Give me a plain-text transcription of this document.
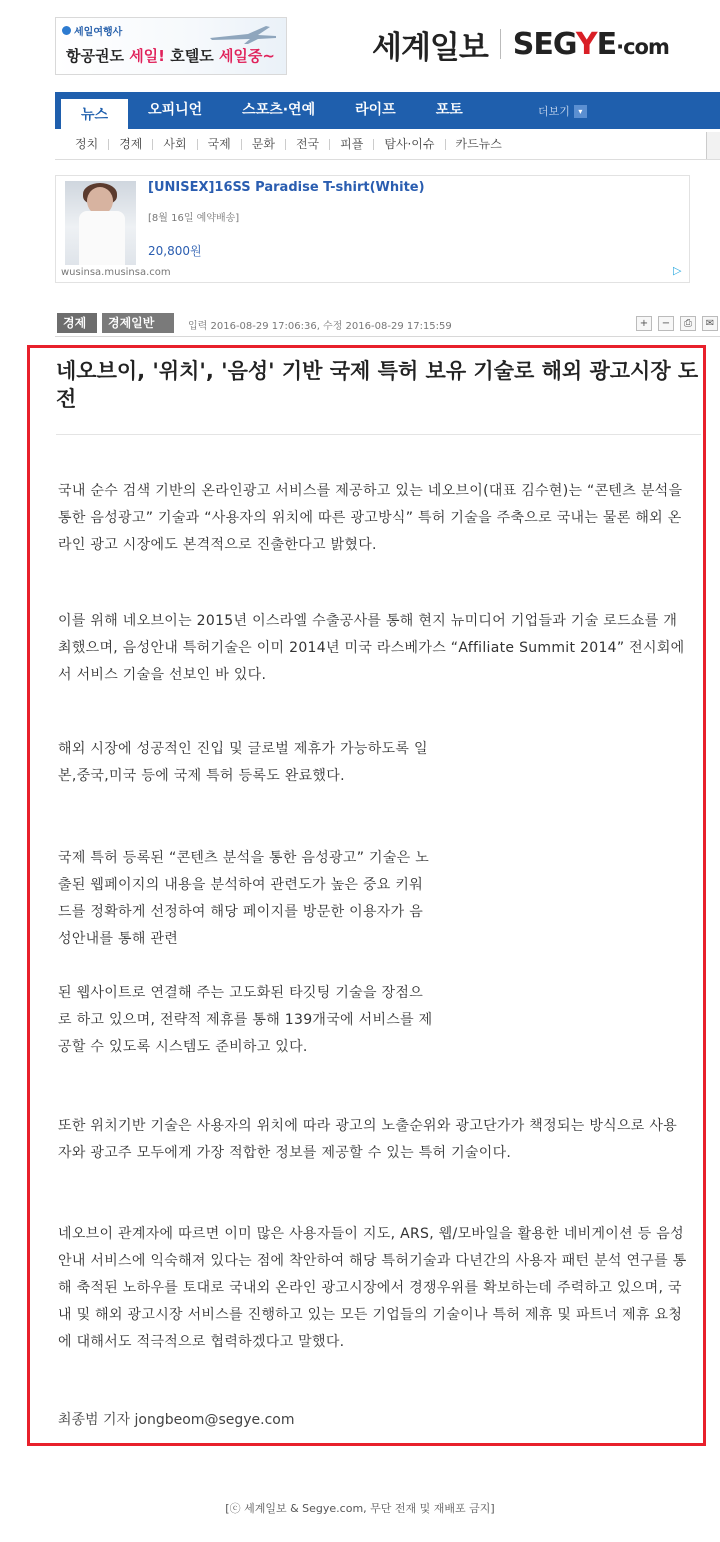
세일여행사
항공권도 세일! 호텔도 세일중~	세계일보 SEGYE·com
뉴스	오피니언	스포츠·연예	라이프	포토	더보기	▾
정치	경제	사회	국제	문화	전국	피플	탐사·이슈	카드뉴스
[UNISEX]16SS Paradise T-shirt(White)
[8월 16일 예약배송]
20,800원
wusinsa.musinsa.com	▷
경제	경제일반	입력 2016-08-29 17:06:36, 수정 2016-08-29 17:15:59	+	−	⎙	✉
네오브이, '위치', '음성' 기반 국제 특허 보유 기술로 해외 광고시장 도전

국내 순수 검색 기반의 온라인광고 서비스를 제공하고 있는 네오브이(대표 김수현)는 “콘텐츠 분석을 통한 음성광고” 기술과 “사용자의 위치에 따른 광고방식” 특허 기술을 주축으로 국내는 물론 해외 온라인 광고 시장에도 본격적으로 진출한다고 밝혔다.

이를 위해 네오브이는 2015년 이스라엘 수출공사를 통해 현지 뉴미디어 기업들과 기술 로드쇼를 개최했으며, 음성안내 특허기술은 이미 2014년 미국 라스베가스 “Affiliate Summit 2014” 전시회에서 서비스 기술을 선보인 바 있다.

해외 시장에 성공적인 진입 및 글로벌 제휴가 가능하도록 일본,중국,미국 등에 국제 특허 등록도 완료했다.

국제 특허 등록된 “콘텐츠 분석을 통한 음성광고” 기술은 노출된 웹페이지의 내용을 분석하여 관련도가 높은 중요 키워드를 정확하게 선정하여 해당 페이지를 방문한 이용자가 음성안내를 통해 관련

된 웹사이트로 연결해 주는 고도화된 타깃팅 기술을 장점으로 하고 있으며, 전략적 제휴를 통해 139개국에 서비스를 제공할 수 있도록 시스템도 준비하고 있다.

또한 위치기반 기술은 사용자의 위치에 따라 광고의 노출순위와 광고단가가 책정되는 방식으로 사용자와 광고주 모두에게 가장 적합한 정보를 제공할 수 있는 특허 기술이다.

네오브이 관계자에 따르면 이미 많은 사용자들이 지도, ARS, 웹/모바일을 활용한 네비게이션 등 음성안내 서비스에 익숙해져 있다는 점에 착안하여 해당 특허기술과 다년간의 사용자 패턴 분석 연구를 통해 축적된 노하우를 토대로 국내외 온라인 광고시장에서 경쟁우위를 확보하는데 주력하고 있으며, 국내 및 해외 광고시장 서비스를 진행하고 있는 모든 기업들의 기술이나 특허 제휴 및 파트너 제휴 요청에 대해서도 적극적으로 협력하겠다고 말했다.

최종범 기자 jongbeom@segye.com
[ⓒ 세계일보 & Segye.com, 무단 전재 및 재배포 금지]
